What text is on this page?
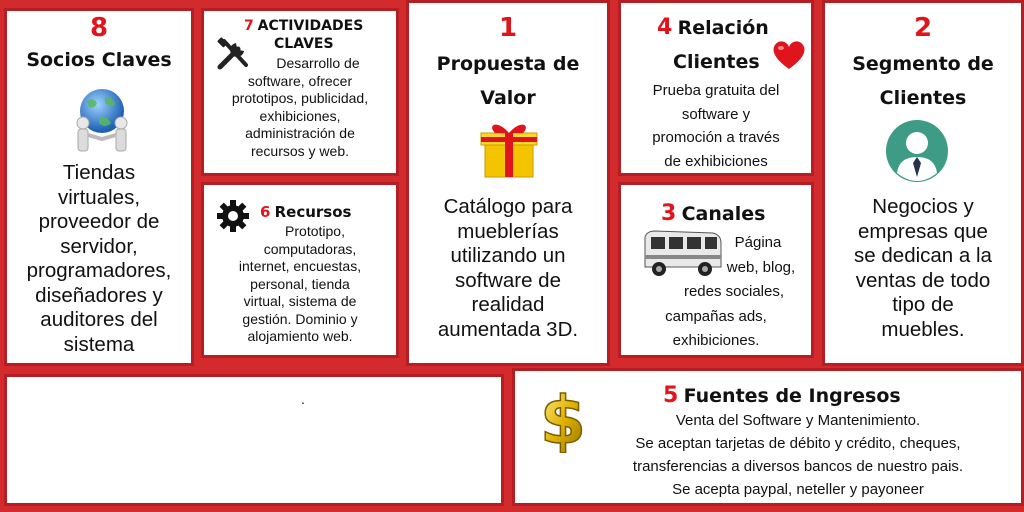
8
Socios Claves
Tiendas
virtuales,
proveedor de
servidor,
programadores,
diseñadores y
auditores del
sistema
7 ACTIVIDADES
CLAVES
Desarrollo de
software, ofrecer
prototipos, publicidad,
exhibiciones,
administración de
recursos y web.
6 Recursos
Prototipo,
computadoras,
internet, encuestas,
personal, tienda
virtual, sistema de
gestión. Dominio y
alojamiento web.
1
Propuesta de
Valor
Catálogo para
mueblerías
utilizando un
software de
realidad
aumentada 3D.
4 Relación
Clientes
Prueba gratuita del
software y
promoción a través
de exhibiciones
3 Canales
Página
web, blog,
redes sociales,
campañas ads,
exhibiciones.
2
Segmento de
Clientes
Negocios y
empresas que
se dedican a la
ventas de todo
tipo de
muebles.
.	$	5 Fuentes de Ingresos
Venta del Software y Mantenimiento.
Se aceptan tarjetas de débito y crédito, cheques,
transferencias a diversos bancos de nuestro pais.
Se acepta paypal, neteller y payoneer
